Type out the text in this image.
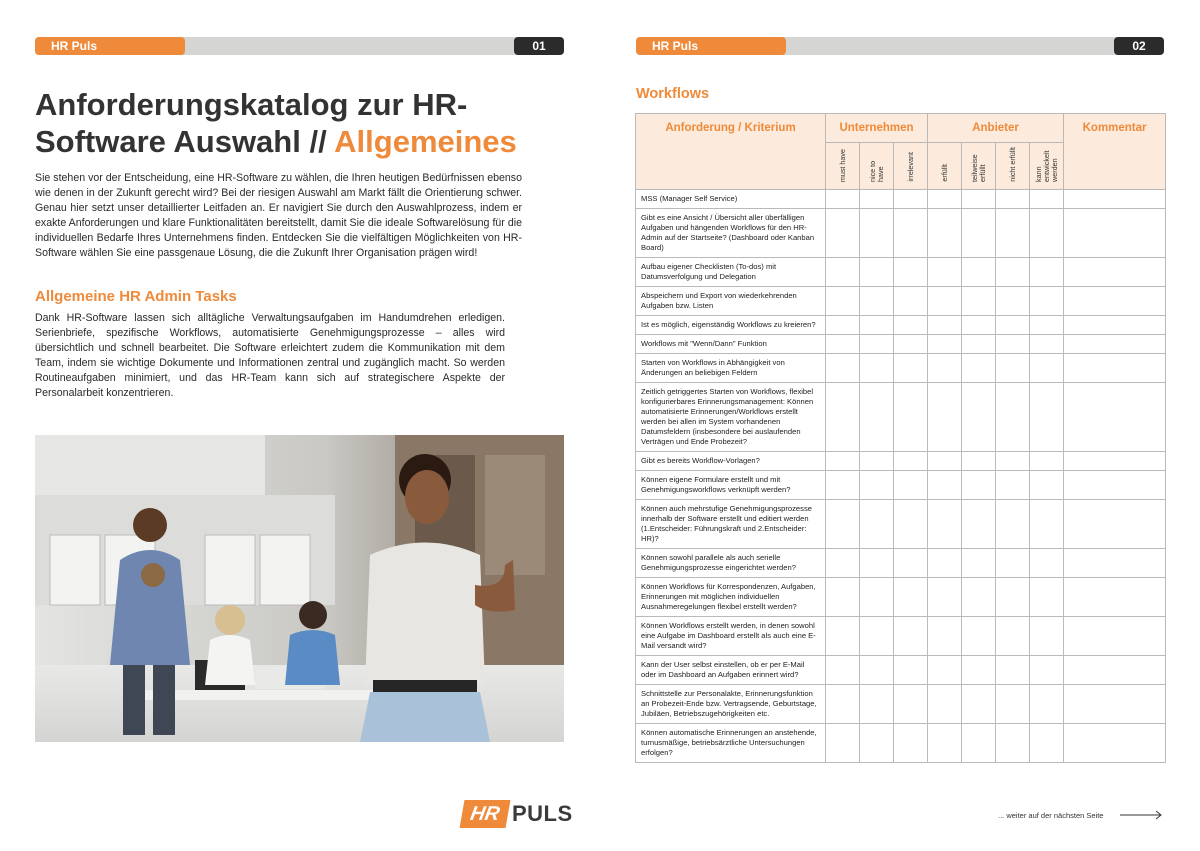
HR Puls	01
Anforderungskatalog zur HR-Software Auswahl // Allgemeines

Sie stehen vor der Entscheidung, eine HR-Software zu wählen, die Ihren heutigen Bedürfnissen ebenso wie denen in der Zukunft gerecht wird? Bei der riesigen Auswahl am Markt fällt die Orientierung schwer. Genau hier setzt unser detaillierter Leitfaden an. Er navigiert Sie durch den Auswahlprozess, indem er exakte Anforderungen und klare Funktionalitäten bereitstellt, damit Sie die ideale Softwarelösung für die individuellen Bedarfe Ihres Unternehmens finden. Entdecken Sie die vielfältigen Möglichkeiten von HR-Software wählen Sie eine passgenaue Lösung, die die Zukunft Ihrer Organisation prägen wird!

Allgemeine HR Admin Tasks

Dank HR-Software lassen sich alltägliche Verwaltungsaufgaben im Handumdrehen erledigen. Serienbriefe, spezifische Workflows, automatisierte Genehmigungsprozesse – alles wird übersichtlich und schnell bearbeitet. Die Software erleichtert zudem die Kommunikation mit dem Team, indem sie wichtige Dokumente und Informationen zentral und zugänglich macht. So werden Routineaufgaben minimiert, und das HR-Team kann sich auf strategischere Aspekte der Personalarbeit konzentrieren.

HR PULS
HR Puls	02
Workflows
Anforderung / Kriterium	Unternehmen			Anbieter				Kommentar
	must have	nice to have	irrelevant	erfüllt	teilweise erfüllt	nicht erfüllt	kann entwickelt werden	
MSS (Manager Self Service)								
Gibt es eine Ansicht / Übersicht aller überfälligen Aufgaben und hängenden Workflows für den HR-Admin auf der Startseite? (Dashboard oder Kanban Board)								
Aufbau eigener Checklisten (To-dos) mit Datumsverfolgung und Delegation								
Abspeichern und Export von wiederkehrenden Aufgaben bzw. Listen								
Ist es möglich, eigenständig Workflows zu kreieren?								
Workflows mit "Wenn/Dann" Funktion								
Starten von Workflows in Abhängigkeit von Änderungen an beliebigen Feldern								
Zeitlich getriggertes Starten von Workflows, flexibel konfigurierbares Erinnerungsmanagement: Können automatisierte Erinnerungen/Workflows erstellt werden bei allen im System vorhandenen Datumsfeldern (insbesondere bei auslaufenden Verträgen und Ende Probezeit?								
Gibt es bereits Workflow-Vorlagen?								
Können eigene Formulare erstellt und mit Genehmigungsworkflows verknüpft werden?								
Können auch mehrstufige Genehmigungsprozesse innerhalb der Software erstellt und editiert werden (1.Entscheider: Führungskraft und 2.Entscheider: HR)?								
Können sowohl parallele als auch serielle Genehmigungsprozesse eingerichtet werden?								
Können Workflows für Korrespondenzen, Aufgaben, Erinnerungen mit möglichen individuellen Ausnahmeregelungen flexibel erstellt werden?								
Können Workflows erstellt werden, in denen sowohl eine Aufgabe im Dashboard erstellt als auch eine E-Mail versandt wird?								
Kann der User selbst einstellen, ob er per E-Mail oder im Dashboard an Aufgaben erinnert wird?								
Schnittstelle zur Personalakte, Erinnerungsfunktion an Probezeit-Ende bzw. Vertragsende, Geburtstage, Jubiläen, Betriebszugehörigkeiten etc.								
Können automatische Erinnerungen an anstehende, turnusmäßige, betriebsärztliche Untersuchungen erfolgen?								
... weiter auf der nächsten Seite
